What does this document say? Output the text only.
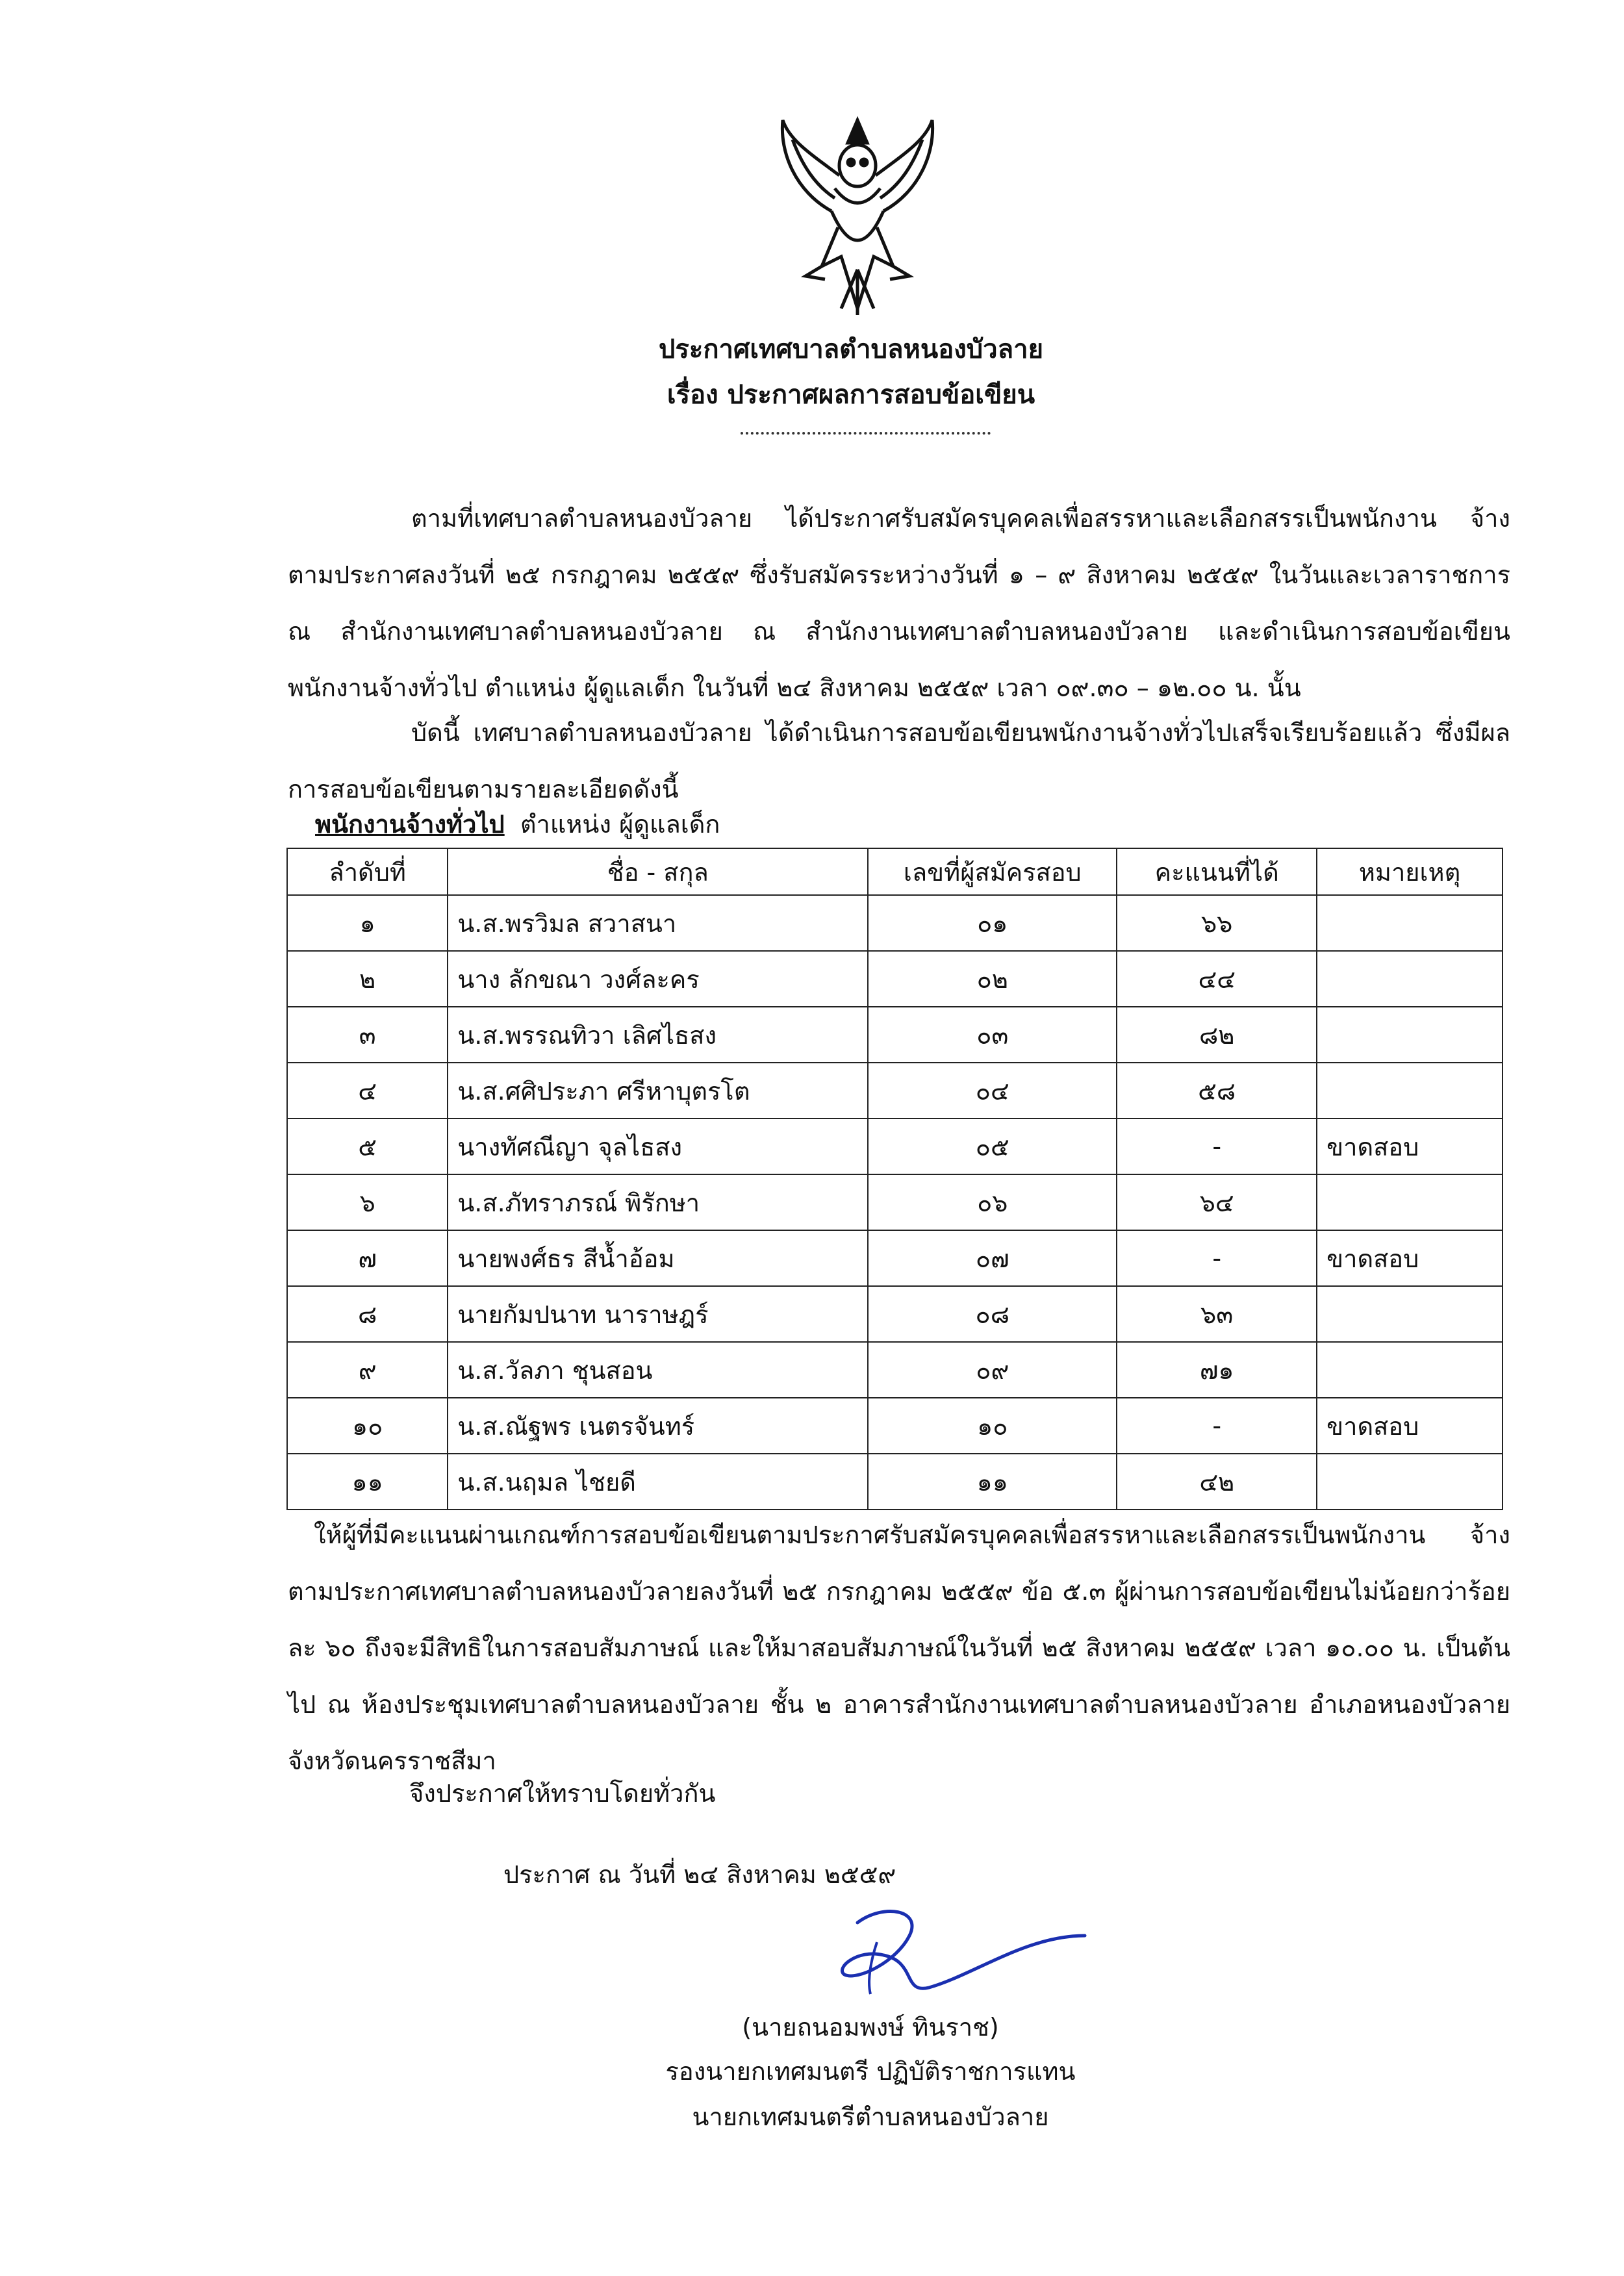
ประกาศเทศบาลตำบลหนองบัวลาย
เรื่อง ประกาศผลการสอบข้อเขียน
ตามที่เทศบาลตำบลหนองบัวลาย ได้ประกาศรับสมัครบุคคลเพื่อสรรหาและเลือกสรรเป็นพนักงาน จ้าง ตามประกาศลงวันที่ ๒๕ กรกฎาคม ๒๕๕๙ ซึ่งรับสมัครระหว่างวันที่ ๑ – ๙ สิงหาคม ๒๕๕๙ ในวันและเวลาราชการ ณ สำนักงานเทศบาลตำบลหนองบัวลาย ณ สำนักงานเทศบาลตำบลหนองบัวลาย และดำเนินการสอบข้อเขียนพนักงานจ้างทั่วไป ตำแหน่ง ผู้ดูแลเด็ก ในวันที่ ๒๔ สิงหาคม ๒๕๕๙ เวลา ๐๙.๓๐ – ๑๒.๐๐ น. นั้น
บัดนี้ เทศบาลตำบลหนองบัวลาย ได้ดำเนินการสอบข้อเขียนพนักงานจ้างทั่วไปเสร็จเรียบร้อยแล้ว ซึ่งมีผลการสอบข้อเขียนตามรายละเอียดดังนี้
พนักงานจ้างทั่วไป ตำแหน่ง ผู้ดูแลเด็ก
ลำดับที่	ชื่อ - สกุล	เลขที่ผู้สมัครสอบ	คะแนนที่ได้	หมายเหตุ
๑	น.ส.พรวิมล สวาสนา	๐๑	๖๖	
๒	นาง ลักขณา วงศ์ละคร	๐๒	๔๔	
๓	น.ส.พรรณทิวา เลิศไธสง	๐๓	๘๒	
๔	น.ส.ศศิประภา ศรีหาบุตรโต	๐๔	๕๘	
๕	นางทัศณีญา จุลไธสง	๐๕	-	ขาดสอบ
๖	น.ส.ภัทราภรณ์ พิรักษา	๐๖	๖๔	
๗	นายพงศ์ธร สีน้ำอ้อม	๐๗	-	ขาดสอบ
๘	นายกัมปนาท นาราษฎร์	๐๘	๖๓	
๙	น.ส.วัลภา ชุนสอน	๐๙	๗๑	
๑๐	น.ส.ณัฐพร เนตรจันทร์	๑๐	-	ขาดสอบ
๑๑	น.ส.นฤมล ไชยดี	๑๑	๔๒	
ให้ผู้ที่มีคะแนนผ่านเกณฑ์การสอบข้อเขียนตามประกาศรับสมัครบุคคลเพื่อสรรหาและเลือกสรรเป็นพนักงาน จ้าง ตามประกาศเทศบาลตำบลหนองบัวลายลงวันที่ ๒๕ กรกฎาคม ๒๕๕๙ ข้อ ๕.๓ ผู้ผ่านการสอบข้อเขียนไม่น้อยกว่าร้อยละ ๖๐ ถึงจะมีสิทธิในการสอบสัมภาษณ์ และให้มาสอบสัมภาษณ์ในวันที่ ๒๕ สิงหาคม ๒๕๕๙ เวลา ๑๐.๐๐ น. เป็นต้นไป ณ ห้องประชุมเทศบาลตำบลหนองบัวลาย ชั้น ๒ อาคารสำนักงานเทศบาลตำบลหนองบัวลาย อำเภอหนองบัวลาย จังหวัดนครราชสีมา
จึงประกาศให้ทราบโดยทั่วกัน
ประกาศ ณ วันที่ ๒๔ สิงหาคม ๒๕๕๙
(นายถนอมพงษ์ ทินราช)
รองนายกเทศมนตรี ปฏิบัติราชการแทน
นายกเทศมนตรีตำบลหนองบัวลาย
